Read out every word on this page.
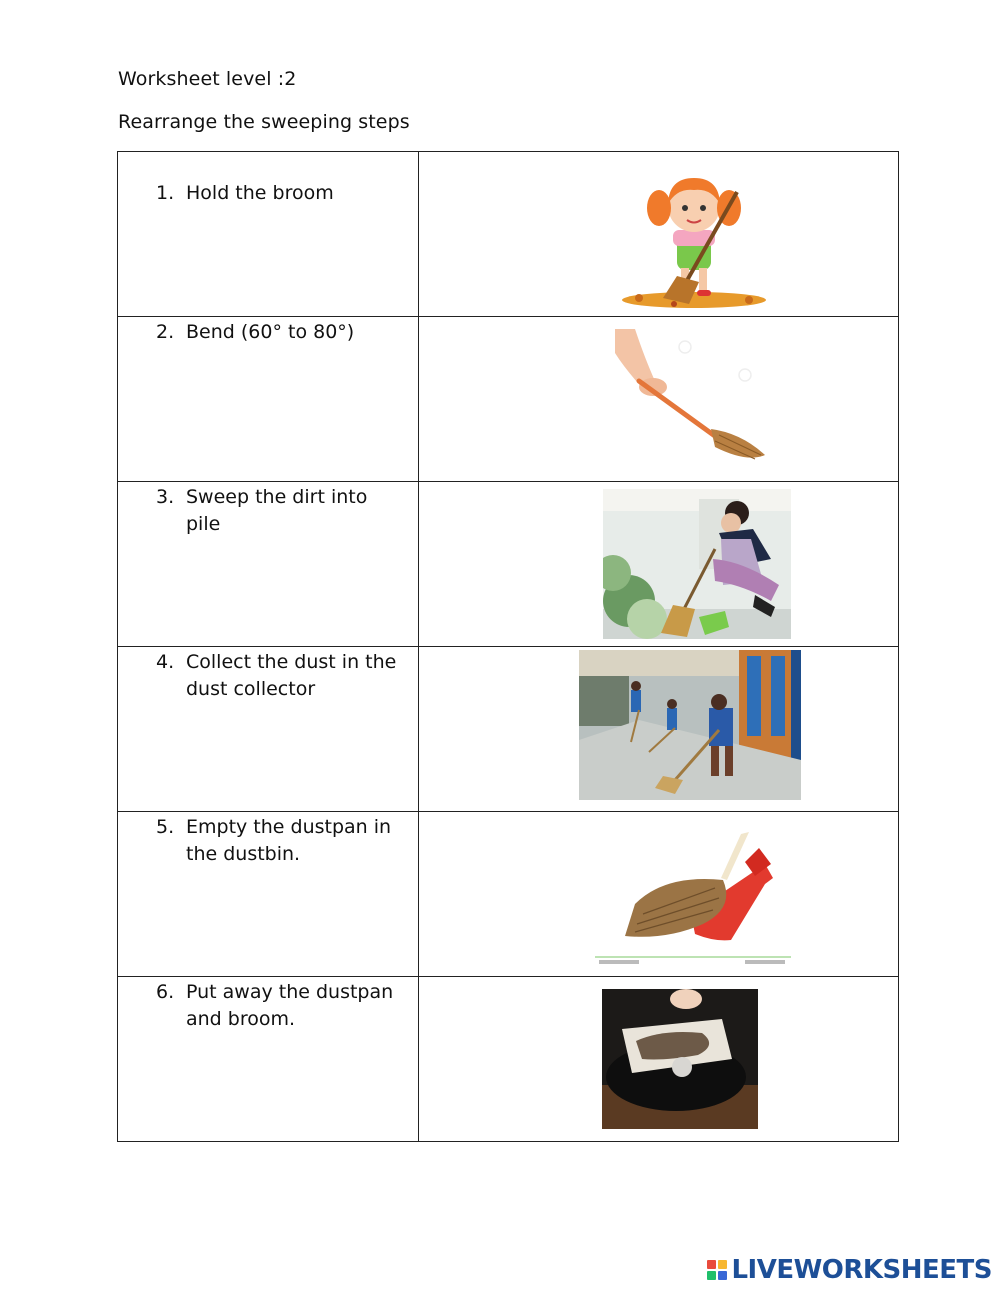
Worksheet level :2
Rearrange the sweeping steps
1. Hold the broom

2. Bend (60° to 80°)

3. Sweep the dirt into pile

4. Collect the dust in the dust collector

5. Empty the dustpan in the dustbin.

6. Put away the dustpan and broom.

LIVEWORKSHEETS
